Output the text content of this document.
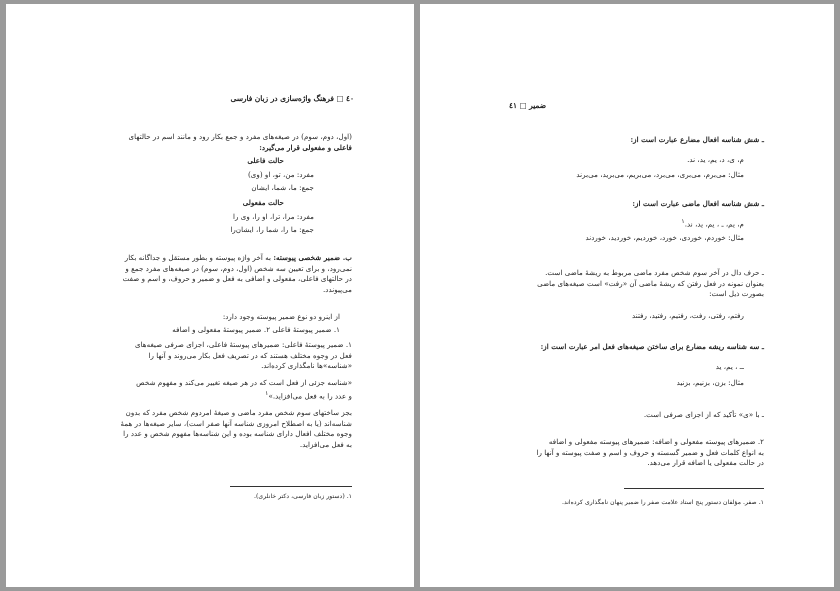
٤٠ □ فرهنگ واژه‌سازی در زبان فارسی

(اول، دوم، سوم) در صیغه‌های مفرد و جمع بکار رود و مانند اسم در حالتهای

فاعلی و مفعولی قرار می‌گیرد:

حالت فاعلی

مفرد: من، تو، او (وی)

جمع: ما، شما، ایشان

حالت مفعولی

مفرد: مرا، ترا، او را، وی را

جمع: ما را، شما را، ایشان‌را

ب. ضمیر شخصی پیوسته: به آخر واژه پیوسته و بطور مستقل و جداگانه بکار

نمی‌رود، و برای تعیین سه شخص (اول، دوم، سوم) در صیغه‌های مفرد جمع و

در حالتهای فاعلی، مفعولی و اضافی به فعل و ضمیر و حروف، و اسم و صفت

می‌پیوندد.

از اینرو دو نوع ضمیر پیوسته وجود دارد:
١. ضمیر پیوستهٔ فاعلی ٢. ضمیر پیوستهٔ مفعولی و اضافه

١. ضمیر پیوستهٔ فاعلی: ضمیرهای پیوستهٔ فاعلی، اجزای صرفی صیغه‌های

فعل در وجوه مختلف هستند که در تصریف فعل بکار می‌روند و آنها را

«شناسه»ها نامگذاری کرده‌اند.

«شناسه جزئی از فعل است که در هر صیغه تغییر می‌کند و مفهوم شخص

و عدد را به فعل می‌افزاید.»$^١$

بجز ساختهای سوم شخص مفرد ماضی و صیغهٔ امردوم شخص مفرد که بدون

شناسه‌اند (یا به اصطلاح امروزی شناسه آنها صفر است)، سایر صیغه‌ها در همهٔ

وجوه مختلف افعال دارای شناسه بوده و این شناسه‌ها مفهوم شخص و عدد را

به فعل می‌افزاید.

١. (دستور زبان فارسی، دکتر خانلری).
ضمیر □ ٤١
ـ شش شناسه افعال مضارع عبارت است از:
م، ی، د، یم، ید، ند.
مثال: می‌برم، می‌بری، می‌برد، می‌بریم، می‌برید، می‌برند
ـ شش شناسه افعال ماضی عبارت است از:
م، یم، ـ ، یم، ید، ند.$^١$
مثال: خوردم، خوردی، خورد، خوردیم، خوردید، خوردند

ـ حرف دال در آخر سوم شخص مفرد ماضی مربوط به ریشهٔ ماضی است.

بعنوان نمونه در فعل رفتن که ریشهٔ ماضی آن «رفت» است صیغه‌های ماضی

بصورت ذیل است:

رفتم، رفتی، رفت، رفتیم، رفتید، رفتند
ـ سه شناسه ریشه مضارع برای ساختن صیغه‌های فعل امر عبارت است از:
ــ ، یم، ید
مثال: بزن، بزنیم، بزنید
ـ با «ی» تأکید که از اجزای صرفی است.

٢. ضمیرهای پیوسته مفعولی و اضافه: ضمیرهای پیوسته مفعولی و اضافه

به انواع کلمات فعل و ضمیر گسسته و حروف و اسم و صفت پیوسته و آنها را

در حالت مفعولی یا اضافه قرار می‌دهد.

١. صفر. مؤلفان دستور پنج استاد علامت صفر را ضمیر پنهان نامگذاری کرده‌اند.
